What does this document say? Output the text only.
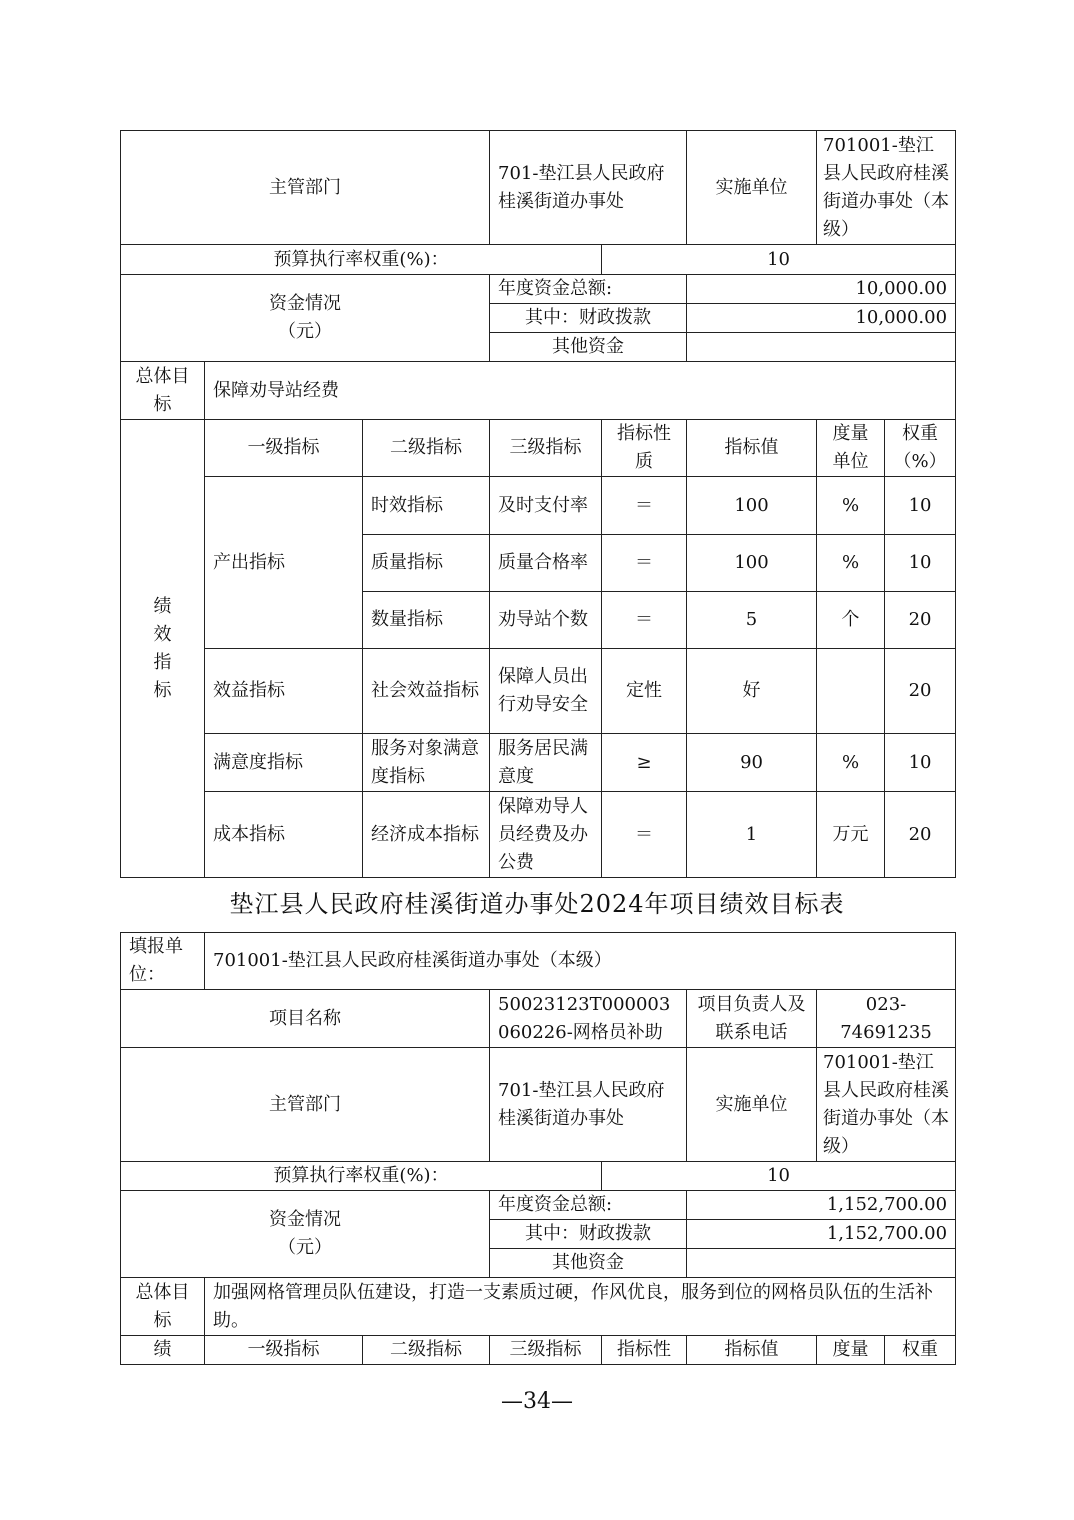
主管部门			701-垫江县人民政府桂溪街道办事处		实施单位	701001-垫江县人民政府桂溪街道办事处（本级）	
预算执行率权重(%)：				10			
资金情况
（元）			年度资金总额:		10,000.00		
			其中：财政拨款		10,000.00		
			其他资金				
总体目标	保障劝导站经费						
绩
效
指
标	一级指标	二级指标	三级指标	指标性质	指标值	度量单位	权重（%）
	产出指标	时效指标	及时支付率	＝	100	%	10
		质量指标	质量合格率	＝	100	%	10
		数量指标	劝导站个数	＝	5	个	20
	效益指标	社会效益指标	保障人员出行劝导安全	定性	好		20
	满意度指标	服务对象满意度指标	服务居民满意度	≥	90	%	10
	成本指标	经济成本指标	保障劝导人员经费及办公费	＝	1	万元	20
垫江县人民政府桂溪街道办事处2024年项目绩效目标表
填报单位：	701001-垫江县人民政府桂溪街道办事处（本级）						
项目名称			50023123T000003060226-网格员补助		项目负责人及联系电话	023-74691235	
主管部门			701-垫江县人民政府桂溪街道办事处		实施单位	701001-垫江县人民政府桂溪街道办事处（本级）	
预算执行率权重(%)：				10			
资金情况
（元）			年度资金总额:		1,152,700.00		
			其中：财政拨款		1,152,700.00		
			其他资金				
总体目标	加强网格管理员队伍建设，打造一支素质过硬，作风优良，服务到位的网格员队伍的生活补助。						
绩	一级指标	二级指标	三级指标	指标性	指标值	度量	权重
—34—
